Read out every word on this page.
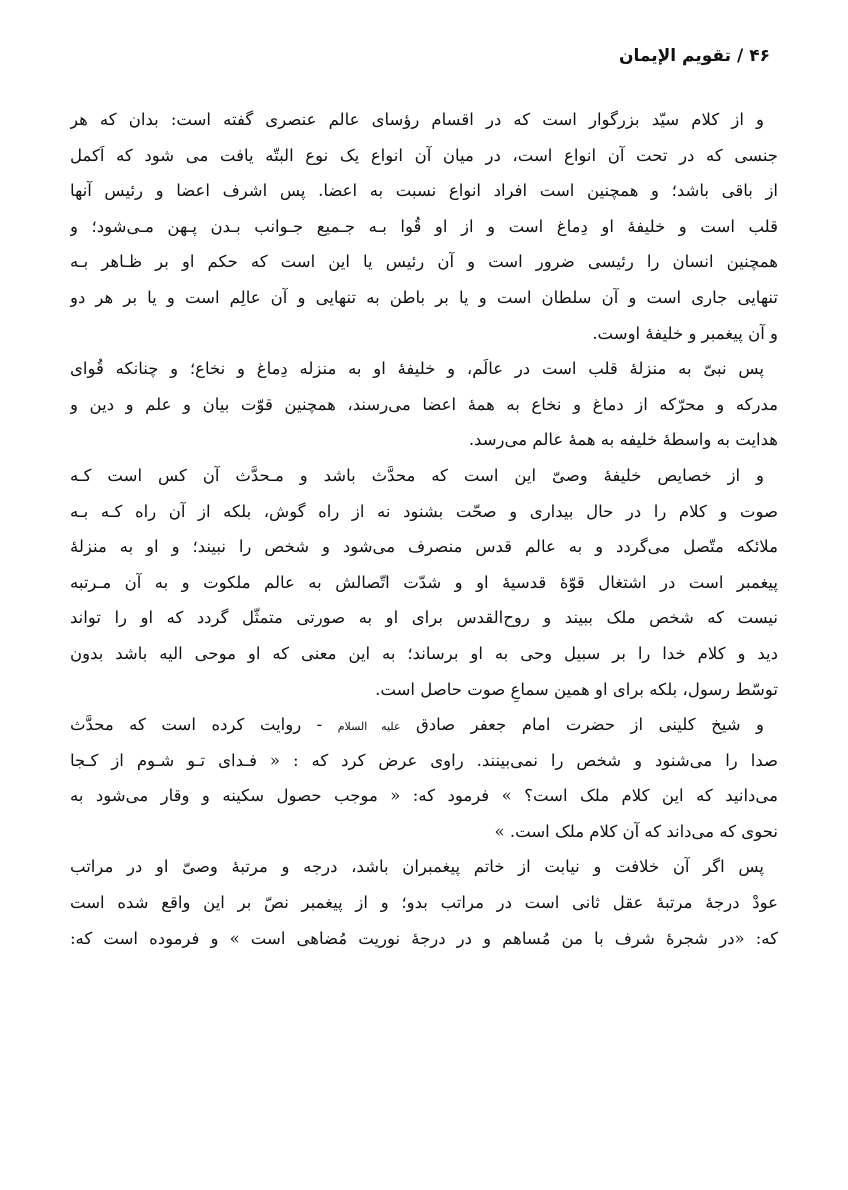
۴۶/تقویم الإیمان
و از کلام سیّد بزرگوار است که در اقسام رؤسای عالم عنصری گفته است: بدان که هر
جنسی که در تحت آن انواع است، در میان آن انواع یک نوع البتّه یافت می شود که اَکمل
از باقی باشد؛ و همچنین است افراد انواع نسبت به اعضا. پس اشرف اعضا و رئیس آنها
قلب است و خلیفهٔ او دِماغ است و از او قُوا بـه جـمیع جـوانب بـدن پـهن مـی‌شود؛ و
همچنین انسان را رئیسی ضرور است و آن رئیس یا این است که حکم او بر ظـاهر بـه
تنهایی جاری است و آن سلطان است و یا بر باطن به تنهایی و آن عالِم است و یا بر هر دو
و آن پیغمبر و خلیفهٔ اوست.
پس نبیّ به منزلهٔ قلب است در عالَم، و خلیفهٔ او به منزله دِماغ و نخاع؛ و چنانکه قُوای
مدرکه و محرّکه از دماغ و نخاع به همهٔ اعضا می‌رسند، همچنین قوّت بیان و علم و دین و
هدایت به واسطهٔ خلیفه به همهٔ عالم می‌رسد.
و از خصایص خلیفهٔ وصیّ این است که محدَّث باشد و مـحدَّث آن کس است کـه
صوت و کلام را در حال بیداری و صحّت بشنود نه از راه گوش، بلکه از آن راه کـه بـه
ملائکه متّصل می‌گردد و به عالم قدس منصرف می‌شود و شخص را نبیند؛ و او به منزلهٔ
پیغمبر است در اشتغال قوّهٔ قدسیهٔ او و شدّت اتّصالش به عالم ملکوت و به آن مـرتبه
نیست که شخص ملک ببیند و روح‌القدس برای او به صورتی متمثّل گردد که او را تواند
دید و کلام خدا را بر سبیل وحی به او برساند؛ به این معنی که او موحی الیه باشد بدون
توسّط رسول، بلکه برای او همین سماعِ صوت حاصل است.
و شیخ کلینی از حضرت امام جعفر صادق علیه السلام - روایت کرده است که محدَّث
صدا را می‌شنود و شخص را نمی‌بینند. راوی عرض کرد که : « فـدای تـو شـوم از کـجا
می‌دانید که این کلام ملک است؟ » فرمود که: « موجب حصول سکینه و وقار می‌شود به
نحوی که می‌داند که آن کلام ملک است. »
پس اگر آن خلافت و نیابت از خاتم پیغمبران باشد، درجه و مرتبهٔ وصیّ او در مراتب
عودْ درجهٔ مرتبهٔ عقل ثانی است در مراتب بدو؛ و از پیغمبر نصّ بر این واقع شده است
که: «در شجرهٔ شرف با من مُساهم و در درجهٔ نوریت مُضاهی است » و فرموده است که:
